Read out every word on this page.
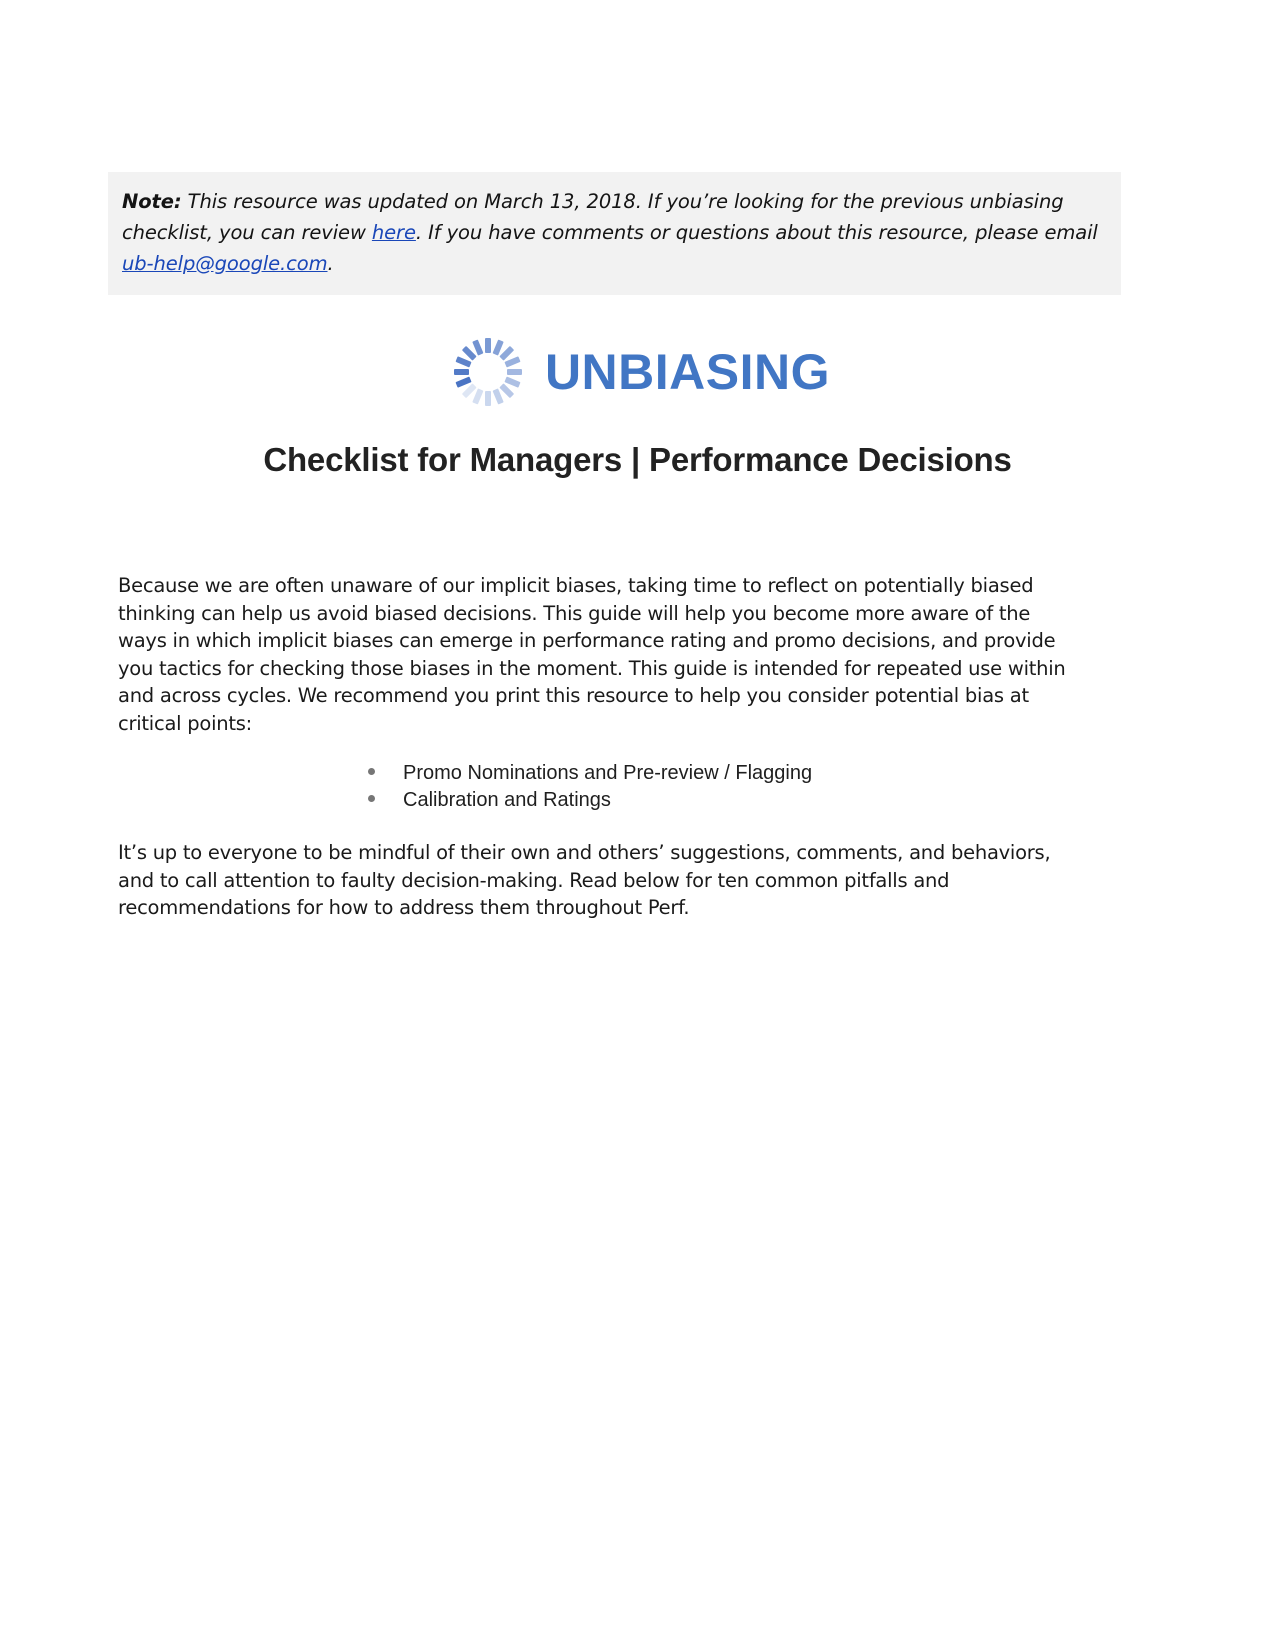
Note: This resource was updated on March 13, 2018. If you’re looking for the previous unbiasing checklist, you can review here. If you have comments or questions about this resource, please email ub-help@google.com.
UNBIASING
Checklist for Managers | Performance Decisions

Because we are often unaware of our implicit biases, taking time to reflect on potentially biased thinking can help us avoid biased decisions. This guide will help you become more aware of the ways in which implicit biases can emerge in performance rating and promo decisions, and provide you tactics for checking those biases in the moment. This guide is intended for repeated use within and across cycles. We recommend you print this resource to help you consider potential bias at critical points:

Promo Nominations and Pre-review / Flagging
Calibration and Ratings

It’s up to everyone to be mindful of their own and others’ suggestions, comments, and behaviors, and to call attention to faulty decision-making. Read below for ten common pitfalls and recommendations for how to address them throughout Perf.
